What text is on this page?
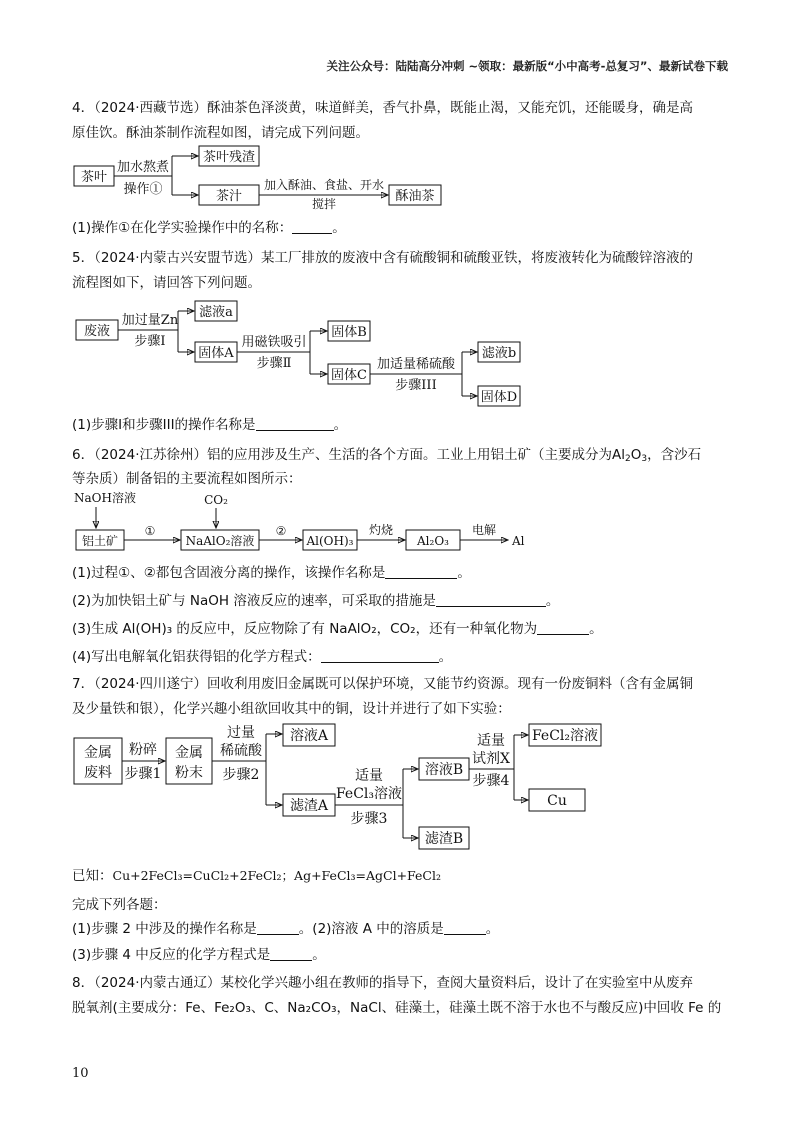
关注公众号：陆陆高分冲刺 ~领取：最新版“小中高考-总复习”、最新试卷下载
茶叶
加水熬煮
操作①
茶叶残渣
茶汁
加入酥油、食盐、开水
搅拌	酥油茶
废液
加过量Zn
步骤I
滤液a
固体A
用磁铁吸引
步骤Ⅱ
固体B
固体C
加适量稀硫酸
步骤III
滤液b
固体D
NaOH溶液
铝土矿
①
CO₂
NaAlO₂溶液
②
Al(OH)₃
灼烧
Al₂O₃
电解
Al
金属
废料
粉碎
步骤1
金属
粉末
过量
稀硫酸
步骤2
溶液A
滤渣A
适量
FeCl₃溶液
步骤3
溶液B
滤渣B
适量
试剂X
步骤4
FeCl₂溶液
Cu

4．（2024·西藏节选）酥油茶色泽淡黄，味道鲜美，香气扑鼻，既能止渴，又能充饥，还能暖身，确是高

原佳饮。酥油茶制作流程如图，请完成下列问题。

(1)操作①在化学实验操作中的名称：	。

5．（2024·内蒙古兴安盟节选）某工厂排放的废液中含有硫酸铜和硫酸亚铁，将废液转化为硫酸锌溶液的

流程图如下，请回答下列问题。

(1)步骤Ⅰ和步骤III的操作名称是	。

6．（2024·江苏徐州）铝的应用涉及生产、生活的各个方面。工业上用铝土矿（主要成分为$Al_2O_3$，含沙石

等杂质）制备铝的主要流程如图所示：

(1)过程①、②都包含固液分离的操作，该操作名称是	。

(2)为加快铝土矿与 NaOH 溶液反应的速率，可采取的措施是	。

(3)生成 Al(OH)₃ 的反应中，反应物除了有 NaAlO₂，CO₂，还有一种氧化物为	。

(4)写出电解氧化铝获得铝的化学方程式：	。

7．（2024·四川遂宁）回收利用废旧金属既可以保护环境，又能节约资源。现有一份废铜料（含有金属铜

及少量铁和银），化学兴趣小组欲回收其中的铜，设计并进行了如下实验：

已知：Cu+2FeCl₃=CuCl₂+2FeCl₂；Ag+FeCl₃=AgCl+FeCl₂

完成下列各题：

(1)步骤 2 中涉及的操作名称是	。(2)溶液 A 中的溶质是	。

(3)步骤 4 中反应的化学方程式是	。

8．（2024·内蒙古通辽）某校化学兴趣小组在教师的指导下，查阅大量资料后，设计了在实验室中从废弃

脱氧剂(主要成分：Fe、Fe₂O₃、C、Na₂CO₃，NaCl、硅藻土，硅藻土既不溶于水也不与酸反应)中回收 Fe 的

10
